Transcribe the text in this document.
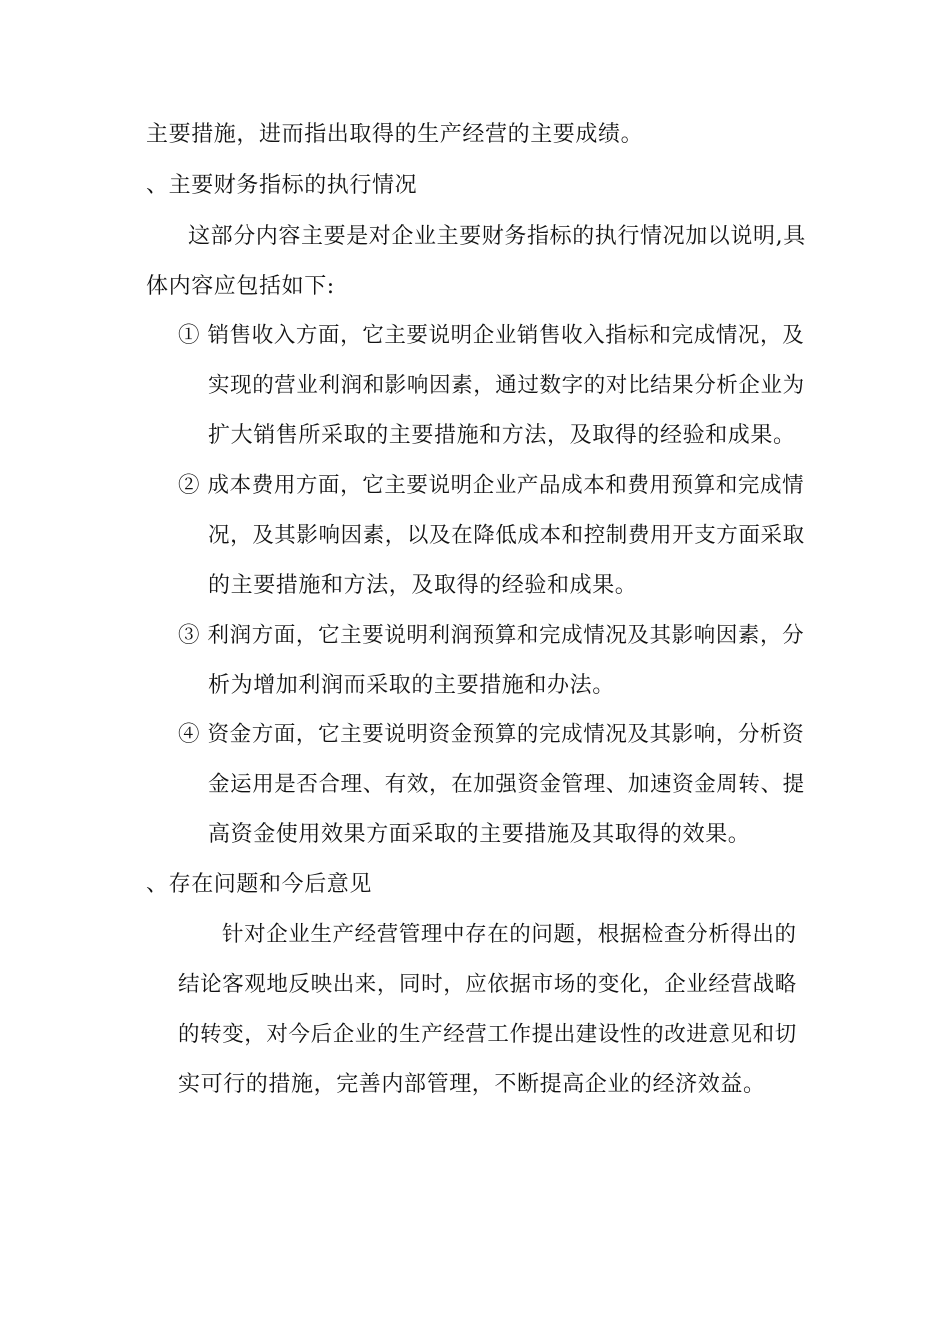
主要措施，进而指出取得的生产经营的主要成绩。
、主要财务指标的执行情况
这部分内容主要是对企业主要财务指标的执行情况加以说明,具
体内容应包括如下:
① 销售收入方面，它主要说明企业销售收入指标和完成情况，及
实现的营业利润和影响因素，通过数字的对比结果分析企业为
扩大销售所采取的主要措施和方法，及取得的经验和成果。
② 成本费用方面，它主要说明企业产品成本和费用预算和完成情
况，及其影响因素，以及在降低成本和控制费用开支方面采取
的主要措施和方法，及取得的经验和成果。
③ 利润方面，它主要说明利润预算和完成情况及其影响因素，分
析为增加利润而采取的主要措施和办法。
④ 资金方面，它主要说明资金预算的完成情况及其影响，分析资
金运用是否合理、有效，在加强资金管理、加速资金周转、提
高资金使用效果方面采取的主要措施及其取得的效果。
、存在问题和今后意见
针对企业生产经营管理中存在的问题，根据检查分析得出的
结论客观地反映出来，同时，应依据市场的变化，企业经营战略
的转变，对今后企业的生产经营工作提出建设性的改进意见和切
实可行的措施，完善内部管理，不断提高企业的经济效益。
